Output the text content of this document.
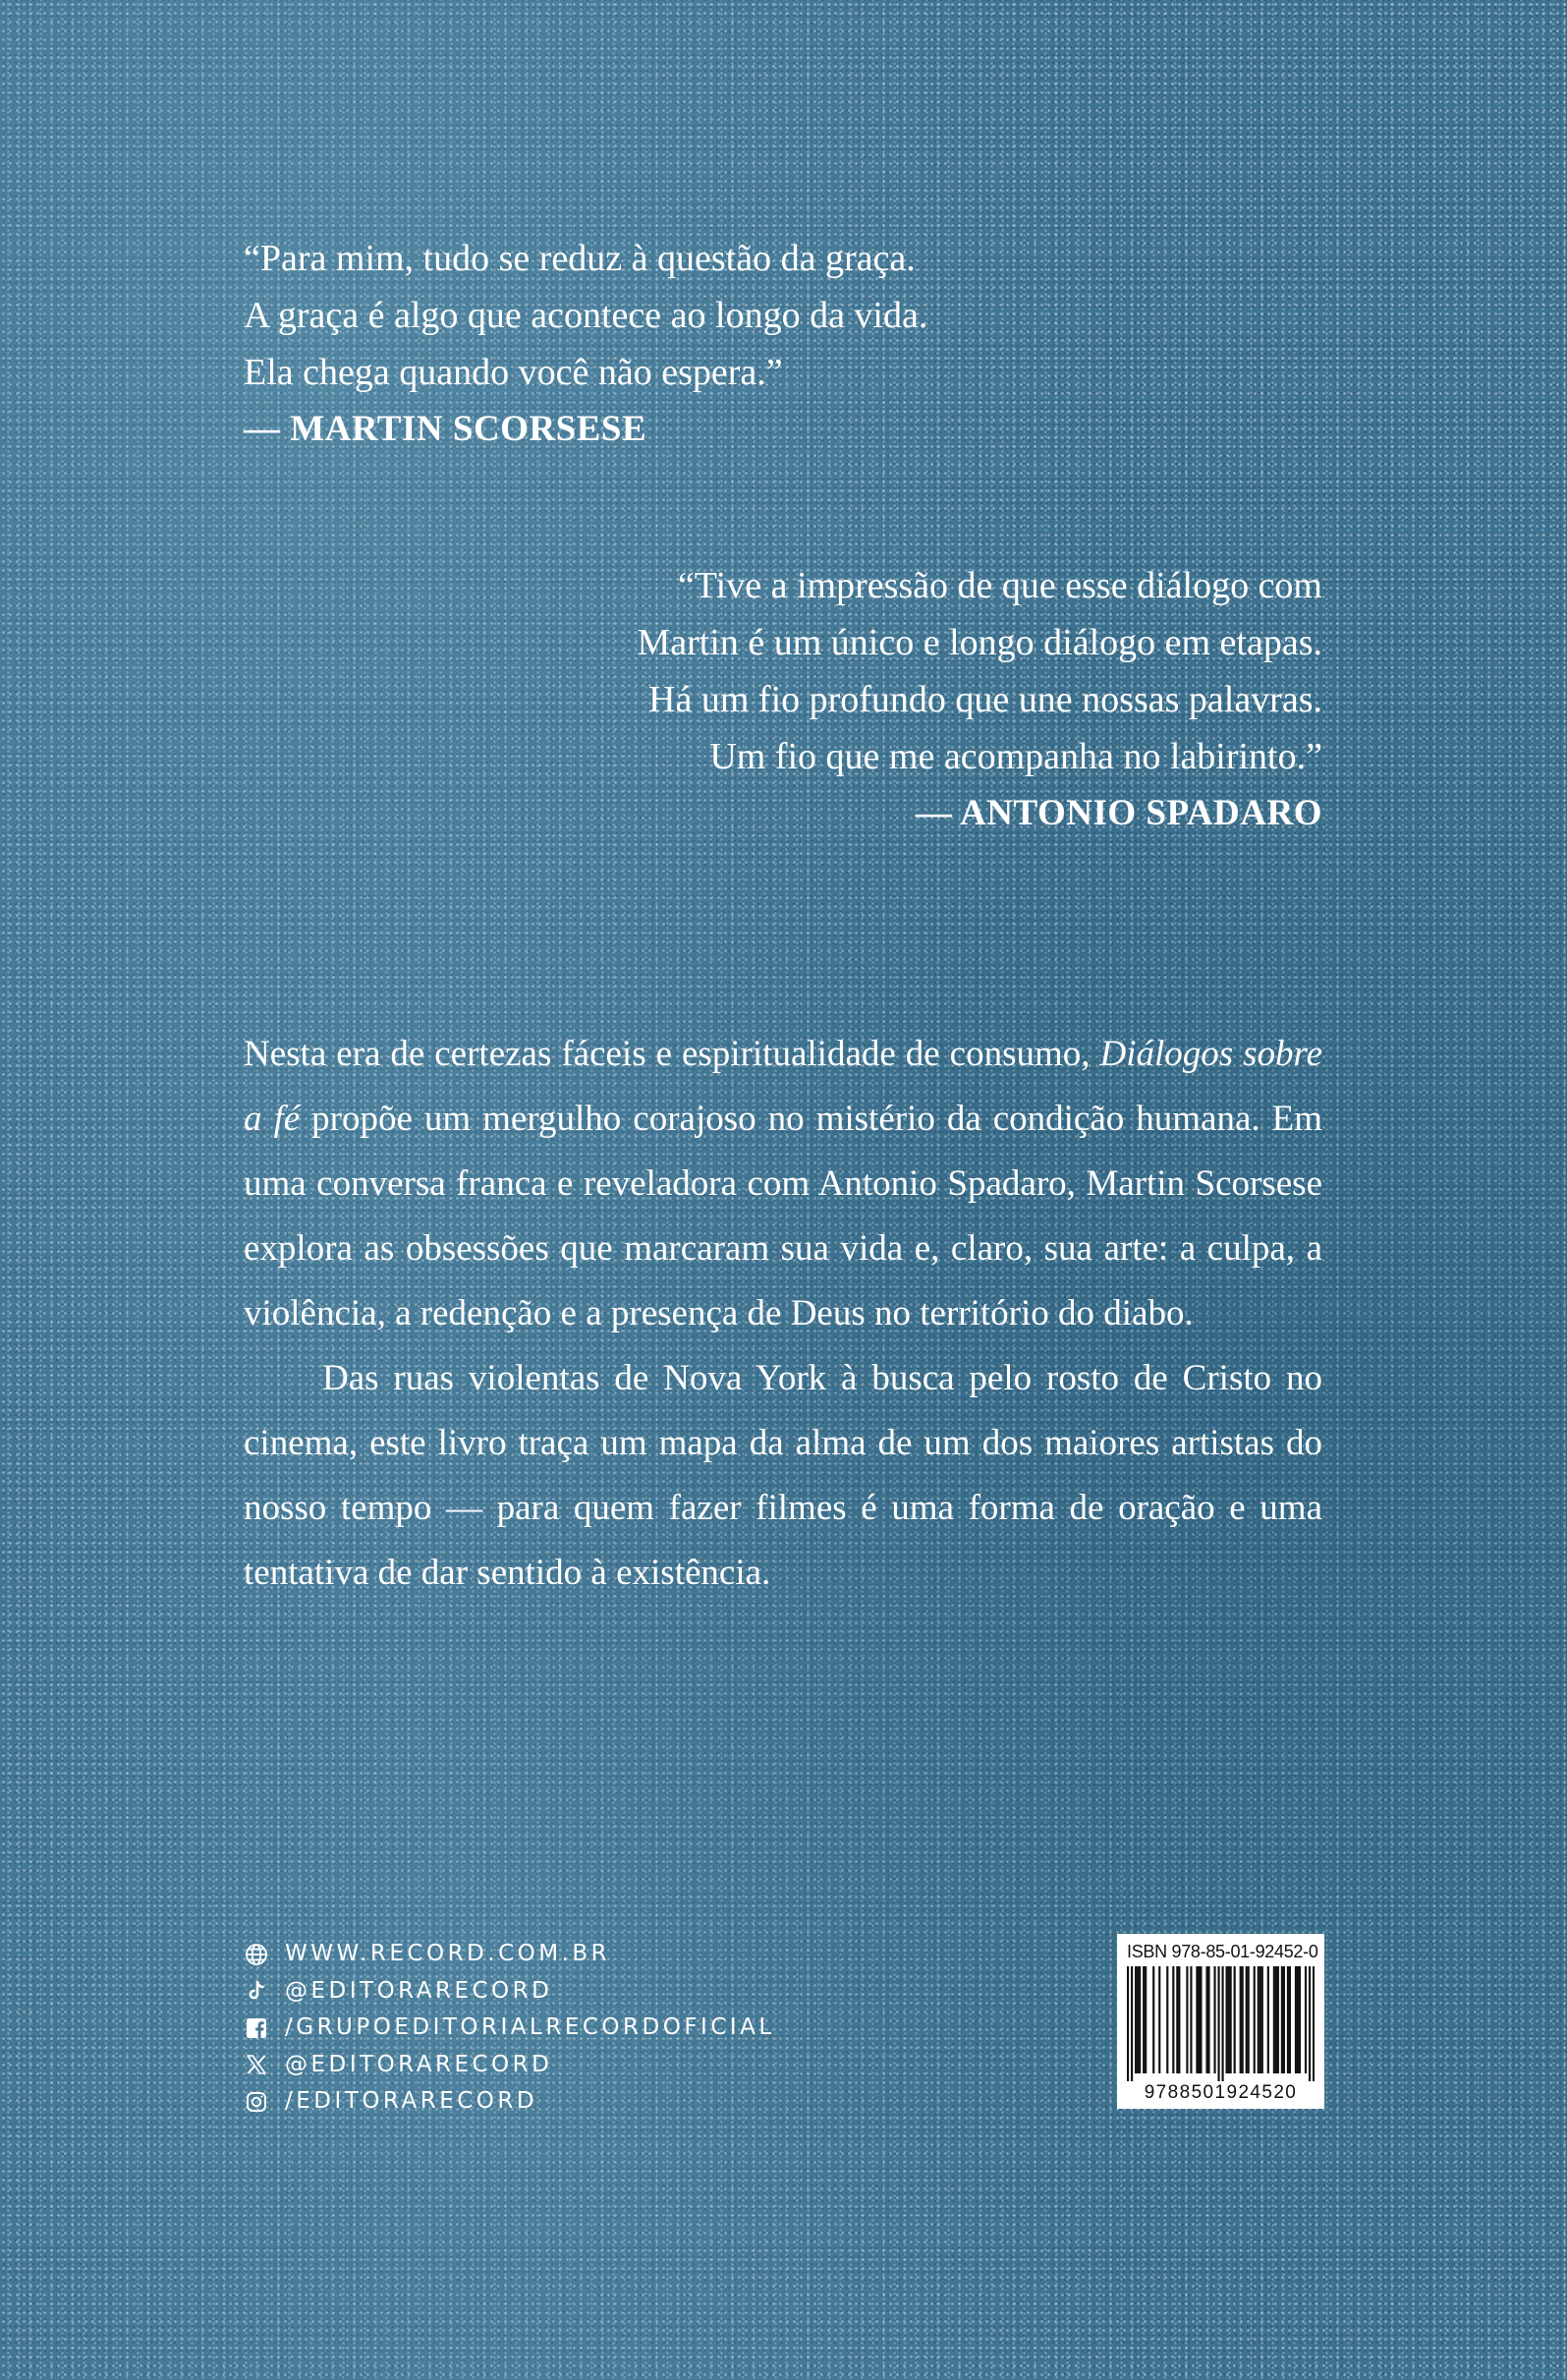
“Para mim, tudo se reduz à questão da graça.
A graça é algo que acontece ao longo da vida.
Ela chega quando você não espera.”
— MARTIN SCORSESE
“Tive a impressão de que esse diálogo com
Martin é um único e longo diálogo em etapas.
Há um fio profundo que une nossas palavras.
Um fio que me acompanha no labirinto.”
— ANTONIO SPADARO

Nesta era de certezas fáceis e espiritualidade de consumo, Diálogos sobre a fé propõe um mergulho corajoso no mistério da condição humana. Em uma conversa franca e reveladora com Antonio Spadaro, Martin Scorsese explora as obsessões que marcaram sua vida e, claro, sua arte: a culpa, a violência, a redenção e a presença de Deus no território do diabo.

Das ruas violentas de Nova York à busca pelo rosto de Cristo no cinema, este livro traça um mapa da alma de um dos maiores artistas do nosso tempo — para quem fazer filmes é uma forma de oração e uma tentativa de dar sentido à existência.

WWW.RECORD.COM.BR
@EDITORARECORD
/GRUPOEDITORIALRECORDOFICIAL
@EDITORARECORD
/EDITORARECORD
ISBN 978-85-01-92452-0
9788501924520
